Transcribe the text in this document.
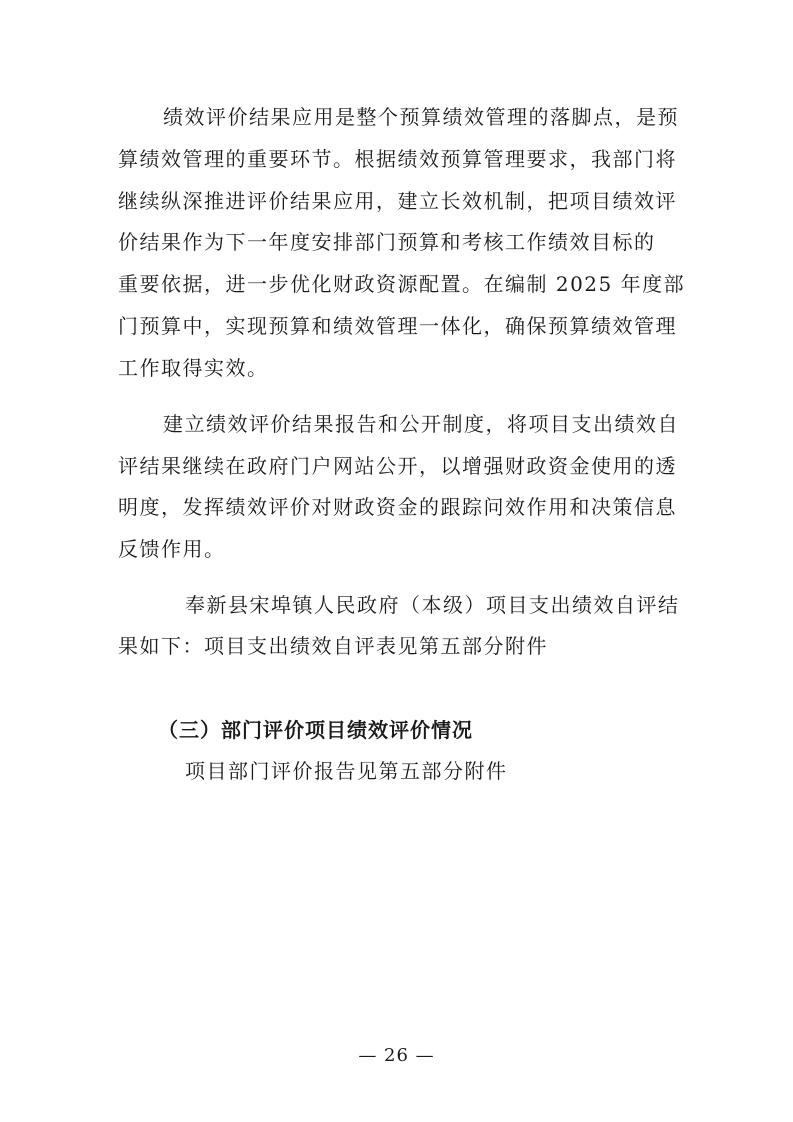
绩效评价结果应用是整个预算绩效管理的落脚点，是预

算绩效管理的重要环节。根据绩效预算管理要求，我部门将

继续纵深推进评价结果应用，建立长效机制，把项目绩效评

价结果作为下一年度安排部门预算和考核工作绩效目标的

重要依据，进一步优化财政资源配置。在编制 2025 年度部

门预算中，实现预算和绩效管理一体化，确保预算绩效管理

工作取得实效。

建立绩效评价结果报告和公开制度，将项目支出绩效自

评结果继续在政府门户网站公开，以增强财政资金使用的透

明度，发挥绩效评价对财政资金的跟踪问效作用和决策信息

反馈作用。

奉新县宋埠镇人民政府（本级）项目支出绩效自评结

果如下：项目支出绩效自评表见第五部分附件

（三）部门评价项目绩效评价情况

项目部门评价报告见第五部分附件

— 26 —
